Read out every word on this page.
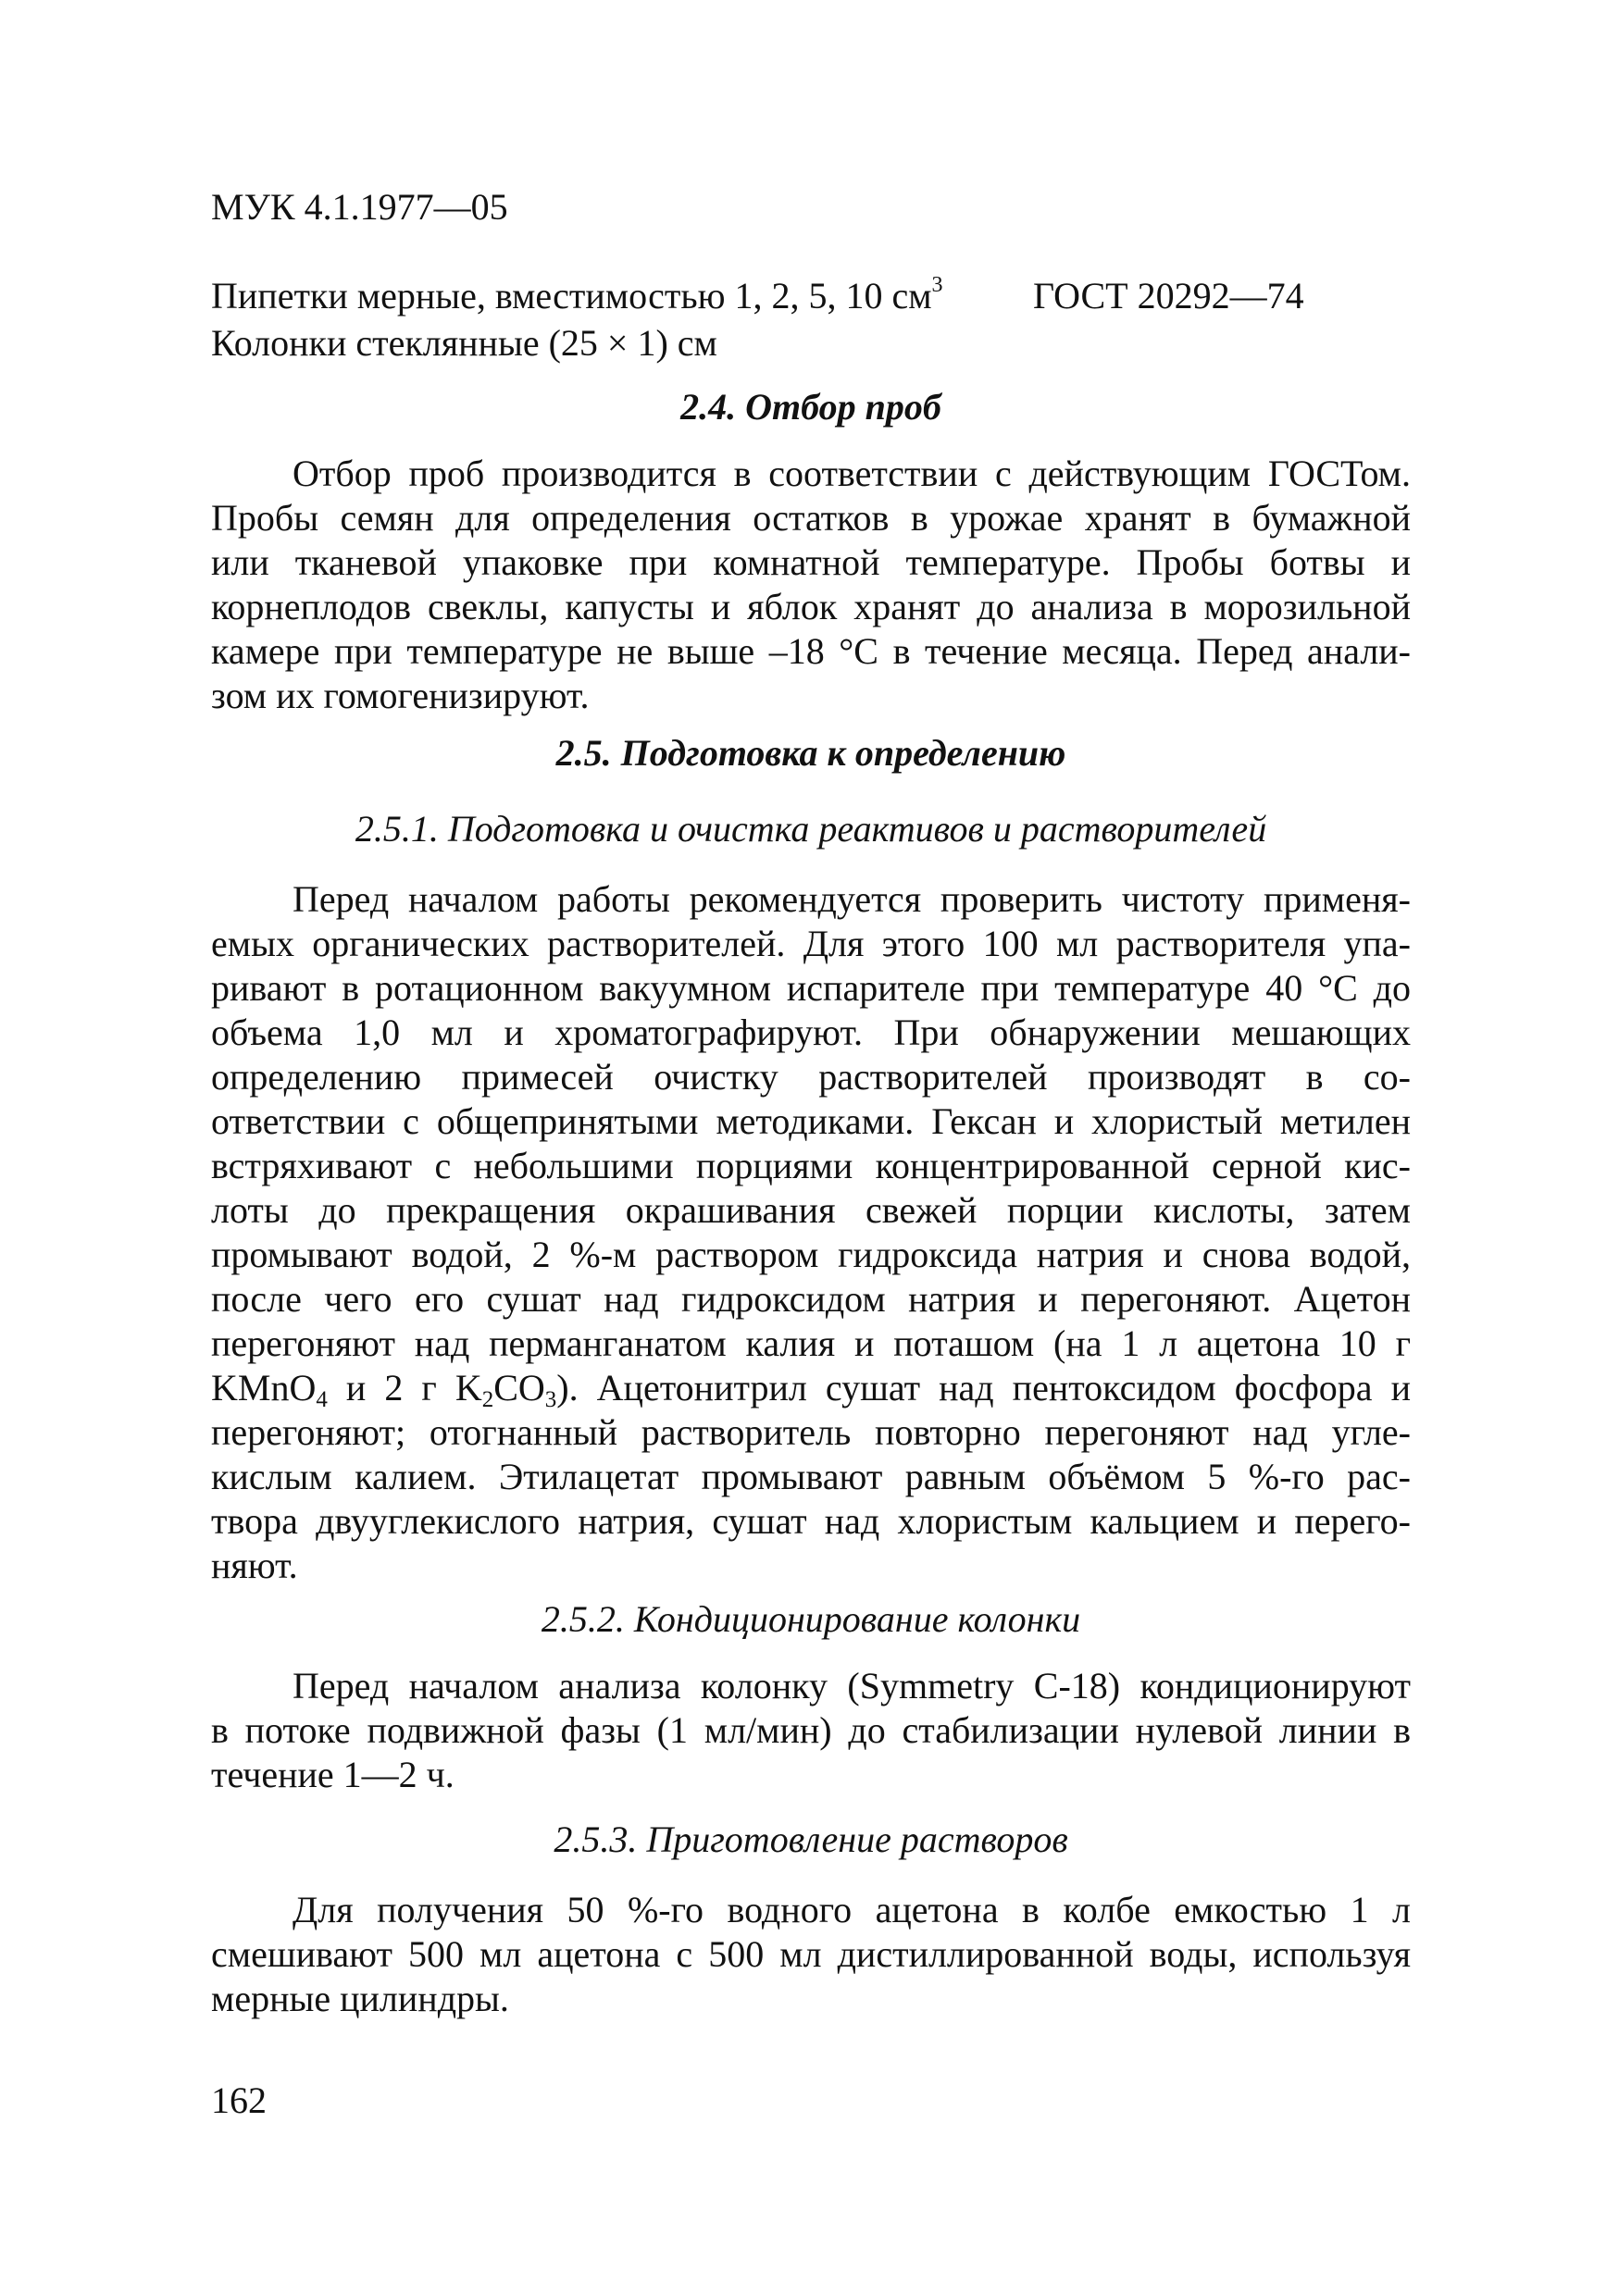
МУК 4.1.1977—05
Пипетки мерные, вместимостью 1, 2, 5, 10 $см^3$ ГОСТ 20292—74
Колонки стеклянные (25 × 1) см
2.4. Отбор проб
Отбор проб производится в соответствии с действующим ГОСТом.
Пробы семян для определения остатков в урожае хранят в бумажной
или тканевой упаковке при комнатной температуре. Пробы ботвы и
корнеплодов свеклы, капусты и яблок хранят до анализа в морозильной
камере при температуре не выше –18 °С в течение месяца. Перед анали-
зом их гомогенизируют.
2.5. Подготовка к определению
2.5.1. Подготовка и очистка реактивов и растворителей
Перед началом работы рекомендуется проверить чистоту применя-
емых органических растворителей. Для этого 100 мл растворителя упа-
ривают в ротационном вакуумном испарителе при температуре 40 °С до
объема 1,0 мл и хроматографируют. При обнаружении мешающих
определению примесей очистку растворителей производят в со-
ответствии с общепринятыми методиками. Гексан и хлористый метилен
встряхивают с небольшими порциями концентрированной серной кис-
лоты до прекращения окрашивания свежей порции кислоты, затем
промывают водой, 2 %-м раствором гидроксида натрия и снова водой,
после чего его сушат над гидроксидом натрия и перегоняют. Ацетон
перегоняют над перманганатом калия и поташом (на 1 л ацетона 10 г
KMnO$_4$ и 2 г $K_2CO_3$). Ацетонитрил сушат над пентоксидом фосфора и
перегоняют; отогнанный растворитель повторно перегоняют над угле-
кислым калием. Этилацетат промывают равным объёмом 5 %-го рас-
твора двууглекислого натрия, сушат над хлористым кальцием и перего-
няют.
2.5.2. Кондиционирование колонки
Перед началом анализа колонку (Symmetry C-18) кондиционируют
в потоке подвижной фазы (1 мл/мин) до стабилизации нулевой линии в
течение 1—2 ч.
2.5.3. Приготовление растворов
Для получения 50 %-го водного ацетона в колбе емкостью 1 л
смешивают 500 мл ацетона с 500 мл дистиллированной воды, используя
мерные цилиндры.
162
